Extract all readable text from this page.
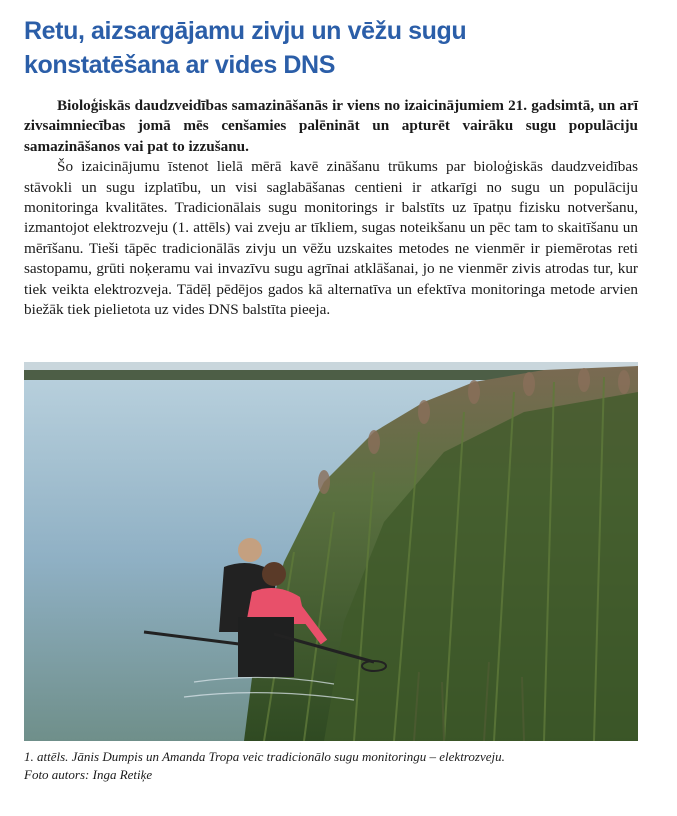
Retu, aizsargājamu zivju un vēžu sugu
konstatēšana ar vides DNS

Bioloģiskās daudzveidības samazināšanās ir viens no izaicinājumiem 21. gadsimtā, un arī zivsaimniecības jomā mēs cenšamies palēnināt un apturēt vairāku sugu populāciju samazināšanos vai pat to izzušanu.

Šo izaicinājumu īstenot lielā mērā kavē zināšanu trūkums par bioloģiskās daudzveidības stāvokli un sugu izplatību, un visi saglabāšanas centieni ir atkarīgi no sugu un populāciju monitoringa kvalitātes. Tradicionālais sugu monitorings ir balstīts uz īpatņu fizisku notveršanu, izmantojot elektrozveju (1. attēls) vai zveju ar tīkliem, sugas noteikšanu un pēc tam to skaitīšanu un mērīšanu. Tieši tāpēc tradicionālās zivju un vēžu uzskaites metodes ne vienmēr ir piemērotas reti sastopamu, grūti noķeramu vai invazīvu sugu agrīnai atklāšanai, jo ne vienmēr zivis atrodas tur, kur tiek veikta elektrozveja. Tādēļ pēdējos gados kā alternatīva un efektīva monitoringa metode arvien biežāk tiek pielietota uz vides DNS balstīta pieeja.

1. attēls. Jānis Dumpis un Amanda Tropa veic tradicionālo sugu monitoringu – elektrozveju.
Foto autors: Inga Retiķe
